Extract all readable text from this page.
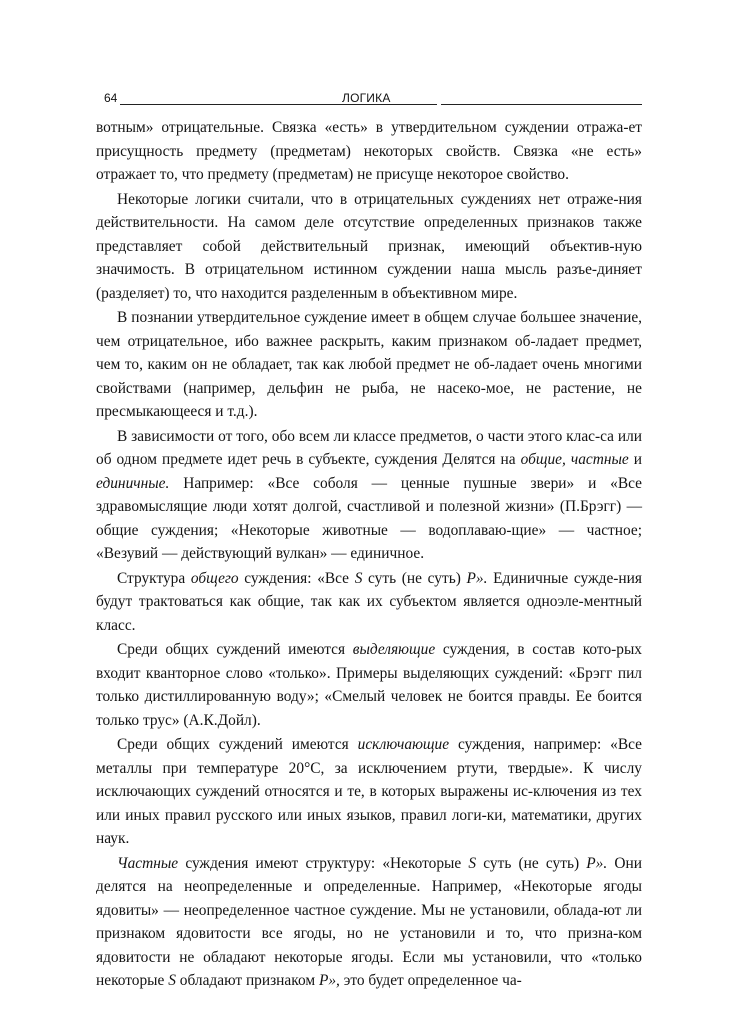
64	ЛОГИКА

вотным» отрицательные. Связка «есть» в утвердительном суждении отража-ет присущность предмету (предметам) некоторых свойств. Связка «не есть» отражает то, что предмету (предметам) не присуще некоторое свойство.

Некоторые логики считали, что в отрицательных суждениях нет отраже-ния действительности. На самом деле отсутствие определенных признаков также представляет собой действительный признак, имеющий объектив-ную значимость. В отрицательном истинном суждении наша мысль разъе-диняет (разделяет) то, что находится разделенным в объективном мире.

В познании утвердительное суждение имеет в общем случае большее значение, чем отрицательное, ибо важнее раскрыть, каким признаком об-ладает предмет, чем то, каким он не обладает, так как любой предмет не об-ладает очень многими свойствами (например, дельфин не рыба, не насеко-мое, не растение, не пресмыкающееся и т.д.).

В зависимости от того, обо всем ли классе предметов, о части этого клас-са или об одном предмете идет речь в субъекте, суждения Делятся на общие, частные и единичные. Например: «Все соболя — ценные пушные звери» и «Все здравомыслящие люди хотят долгой, счастливой и полезной жизни» (П.Брэгг) — общие суждения; «Некоторые животные — водоплаваю-щие» — частное; «Везувий — действующий вулкан» — единичное.

Структура общего суждения: «Все S суть (не суть) Р». Единичные сужде-ния будут трактоваться как общие, так как их субъектом является одноэле-ментный класс.

Среди общих суждений имеются выделяющие суждения, в состав кото-рых входит кванторное слово «только». Примеры выделяющих суждений: «Брэгг пил только дистиллированную воду»; «Смелый человек не боится правды. Ее боится только трус» (А.К.Дойл).

Среди общих суждений имеются исключающие суждения, например: «Все металлы при температуре 20°С, за исключением ртути, твердые». К числу исключающих суждений относятся и те, в которых выражены ис-ключения из тех или иных правил русского или иных языков, правил логи-ки, математики, других наук.

Частные суждения имеют структуру: «Некоторые S суть (не суть) Р». Они делятся на неопределенные и определенные. Например, «Некоторые ягоды ядовиты» — неопределенное частное суждение. Мы не установили, облада-ют ли признаком ядовитости все ягоды, но не установили и то, что призна-ком ядовитости не обладают некоторые ягоды. Если мы установили, что «только некоторые S обладают признаком Р», это будет определенное ча-
